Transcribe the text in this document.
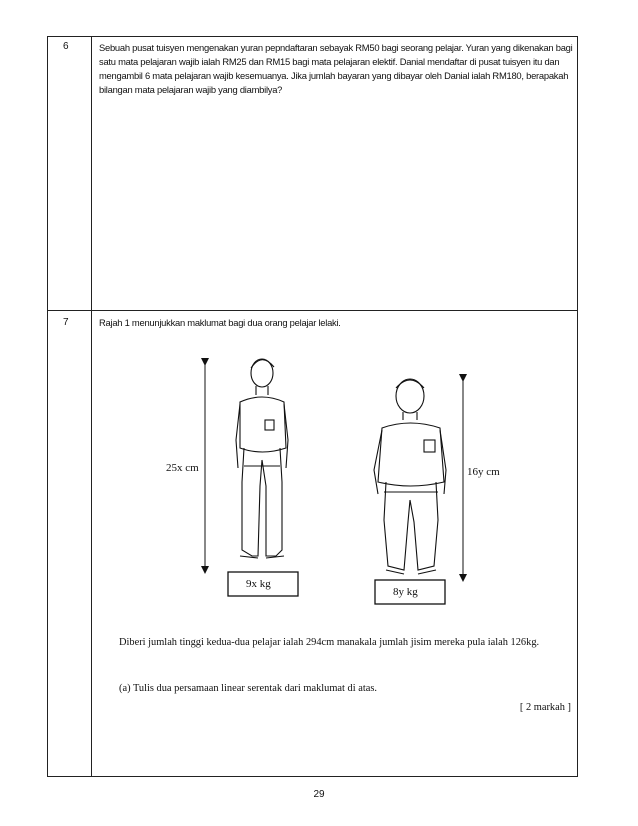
6	Sebuah pusat tuisyen mengenakan yuran pepndaftaran sebayak RM50 bagi seorang pelajar. Yuran yang dikenakan bagi satu mata pelajaran wajib ialah RM25 dan RM15 bagi mata pelajaran elektif. Danial mendaftar di pusat tuisyen itu dan mengambil 6 mata pelajaran wajib kesemuanya. Jika jumlah bayaran yang dibayar oleh Danial ialah RM180, berapakah bilangan mata pelajaran wajib yang diambilya?
7	Rajah 1 menunjukkan maklumat bagi dua orang pelajar lelaki.
Diberi jumlah tinggi kedua-dua pelajar ialah 294cm manakala jumlah jisim mereka pula ialah 126kg.
(a) Tulis dua persamaan linear serentak dari maklumat di atas.
[ 2 markah ]
25x cm	16y cm
9x kg
8y kg
29
